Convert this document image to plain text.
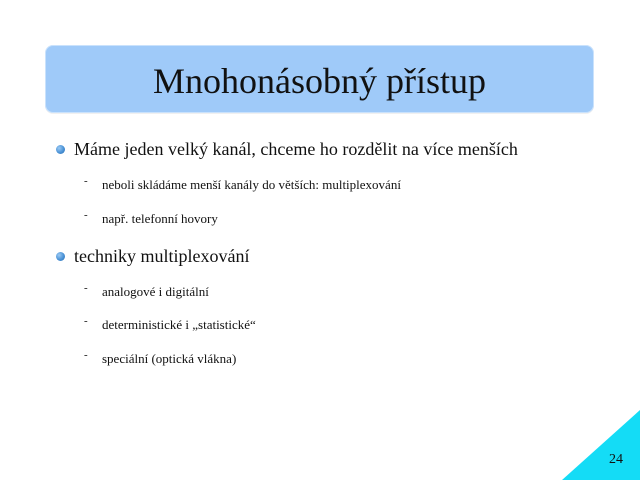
Mnohonásobný přístup
Máme jeden velký kanál, chceme ho rozdělit na více menších
- neboli skládáme menší kanály do větších: multiplexování
- např. telefonní hovory
techniky multiplexování
- analogové i digitální
- deterministické i „statistické“
- speciální (optická vlákna)
24
